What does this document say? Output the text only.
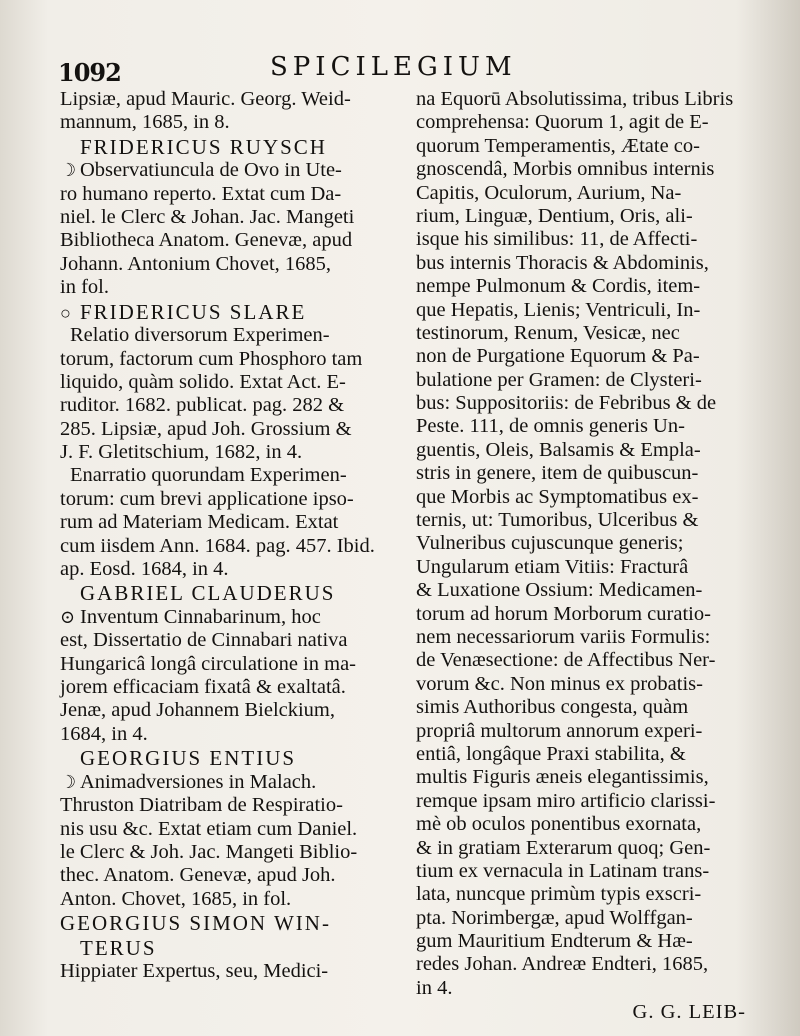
1092	SPICILEGIUM
Lipsiæ, apud Mauric. Georg. Weid-
mannum, 1685, in 8.
FRIDERICUS RUYSCH
☽ Observatiuncula de Ovo in Ute-
ro humano reperto. Extat cum Da-
niel. le Clerc & Johan. Jac. Mangeti
Bibliotheca Anatom. Genevæ, apud
Johann. Antonium Chovet, 1685,
in fol.
○ FRIDERICUS SLARE
Relatio diversorum Experimen-
torum, factorum cum Phosphoro tam
liquido, quàm solido. Extat Act. E-
ruditor. 1682. publicat. pag. 282 &
285. Lipsiæ, apud Joh. Grossium &
J. F. Gletitschium, 1682, in 4.
Enarratio quorundam Experimen-
torum: cum brevi applicatione ipso-
rum ad Materiam Medicam. Extat
cum iisdem Ann. 1684. pag. 457. Ibid.
ap. Eosd. 1684, in 4.
GABRIEL CLAUDERUS
⊙ Inventum Cinnabarinum, hoc
est, Dissertatio de Cinnabari nativa
Hungaricâ longâ circulatione in ma-
jorem efficaciam fixatâ & exaltatâ.
Jenæ, apud Johannem Bielckium,
1684, in 4.
GEORGIUS ENTIUS
☽ Animadversiones in Malach.
Thruston Diatribam de Respiratio-
nis usu &c. Extat etiam cum Daniel.
le Clerc & Joh. Jac. Mangeti Biblio-
thec. Anatom. Genevæ, apud Joh.
Anton. Chovet, 1685, in fol.
GEORGIUS SIMON WIN-
TERUS
Hippiater Expertus, seu, Medici-
na Equorū Absolutissima, tribus Libris
comprehensa: Quorum 1, agit de E-
quorum Temperamentis, Ætate co-
gnoscendâ, Morbis omnibus internis
Capitis, Oculorum, Aurium, Na-
rium, Linguæ, Dentium, Oris, ali-
isque his similibus: 11, de Affecti-
bus internis Thoracis & Abdominis,
nempe Pulmonum & Cordis, item-
que Hepatis, Lienis; Ventriculi, In-
testinorum, Renum, Vesicæ, nec
non de Purgatione Equorum & Pa-
bulatione per Gramen: de Clysteri-
bus: Suppositoriis: de Febribus & de
Peste. 111, de omnis generis Un-
guentis, Oleis, Balsamis & Empla-
stris in genere, item de quibuscun-
que Morbis ac Symptomatibus ex-
ternis, ut: Tumoribus, Ulceribus &
Vulneribus cujuscunque generis;
Ungularum etiam Vitiis: Fracturâ
& Luxatione Ossium: Medicamen-
torum ad horum Morborum curatio-
nem necessariorum variis Formulis:
de Venæsectione: de Affectibus Ner-
vorum &c. Non minus ex probatis-
simis Authoribus congesta, quàm
propriâ multorum annorum experi-
entiâ, longâque Praxi stabilita, &
multis Figuris æneis elegantissimis,
remque ipsam miro artificio clarissi-
mè ob oculos ponentibus exornata,
& in gratiam Exterarum quoq; Gen-
tium ex vernacula in Latinam trans-
lata, nuncque primùm typis exscri-
pta. Norimbergæ, apud Wolffgan-
gum Mauritium Endterum & Hæ-
redes Johan. Andreæ Endteri, 1685,
in 4.
G. G. LEIB-
